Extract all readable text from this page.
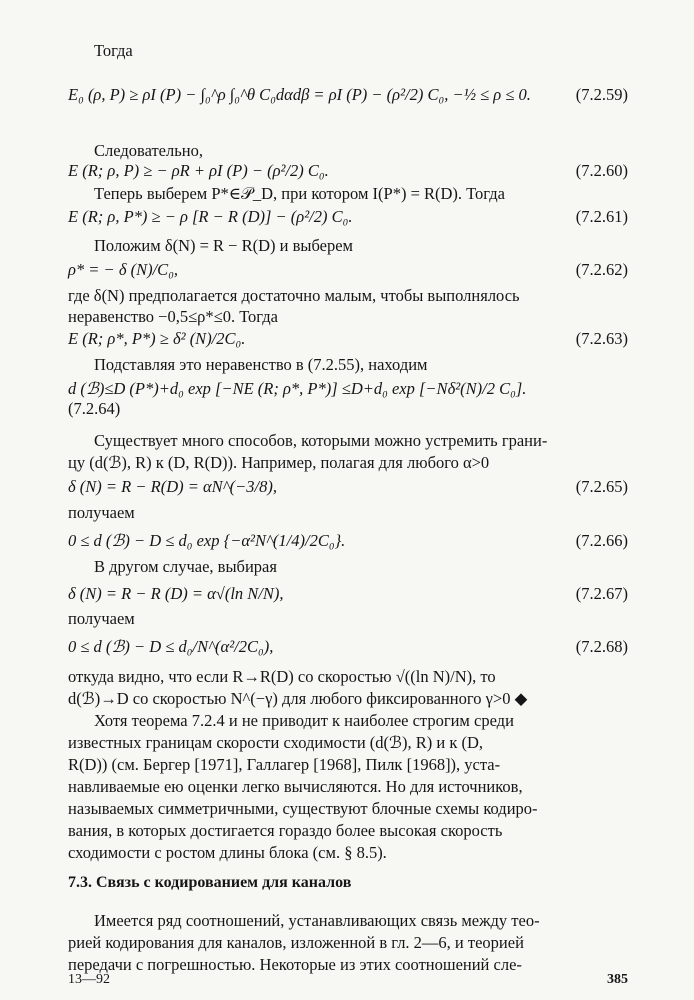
Тогда
E₀ (ρ, P) ≥ ρI (P) − ∫₀^ρ ∫₀^θ C₀dαdβ = ρI (P) − (ρ²/2) C₀, −½ ≤ ρ ≤ 0.	(7.2.59)
Следовательно,
E (R; ρ, P) ≥ − ρR + ρI (P) − (ρ²/2) C₀.	(7.2.60)
Теперь выберем P*∈𝒫_D, при котором I(P*) = R(D). Тогда
E (R; ρ, P*) ≥ − ρ [R − R (D)] − (ρ²/2) C₀.	(7.2.61)
Положим δ(N) = R − R(D) и выберем
ρ* = − δ (N)/C₀,	(7.2.62)
где δ(N) предполагается достаточно малым, чтобы выполнялось
неравенство −0,5≤ρ*≤0. Тогда
E (R; ρ*, P*) ≥ δ² (N)/2C₀.	(7.2.63)
Подставляя это неравенство в (7.2.55), находим
d (ℬ)≤D (P*)+d₀ exp [−NE (R; ρ*, P*)] ≤D+d₀ exp [−Nδ²(N)/2 C₀].
(7.2.64)
Существует много способов, которыми можно устремить грани-
цу (d(ℬ), R) к (D, R(D)). Например, полагая для любого α>0
δ (N) = R − R(D) = αN^(−3/8),	(7.2.65)
получаем
0 ≤ d (ℬ) − D ≤ d₀ exp {−α²N^(1/4)/2C₀}.	(7.2.66)
В другом случае, выбирая
δ (N) = R − R (D) = α√(ln N/N),	(7.2.67)
получаем
0 ≤ d (ℬ) − D ≤ d₀/N^(α²/2C₀),	(7.2.68)
откуда видно, что если R→R(D) со скоростью √((ln N)/N), то
d(ℬ)→D со скоростью N^(−γ) для любого фиксированного γ>0 ◆
Хотя теорема 7.2.4 и не приводит к наиболее строгим среди
известных границам скорости сходимости (d(ℬ), R) и к (D,
R(D)) (см. Бергер [1971], Галлагер [1968], Пилк [1968]), уста-
навливаемые ею оценки легко вычисляются. Но для источников,
называемых симметричными, существуют блочные схемы кодиро-
вания, в которых достигается гораздо более высокая скорость
сходимости с ростом длины блока (см. § 8.5).
7.3. Связь с кодированием для каналов
Имеется ряд соотношений, устанавливающих связь между тео-
рией кодирования для каналов, изложенной в гл. 2—6, и теорией
передачи с погрешностью. Некоторые из этих соотношений сле-
13—92	385
